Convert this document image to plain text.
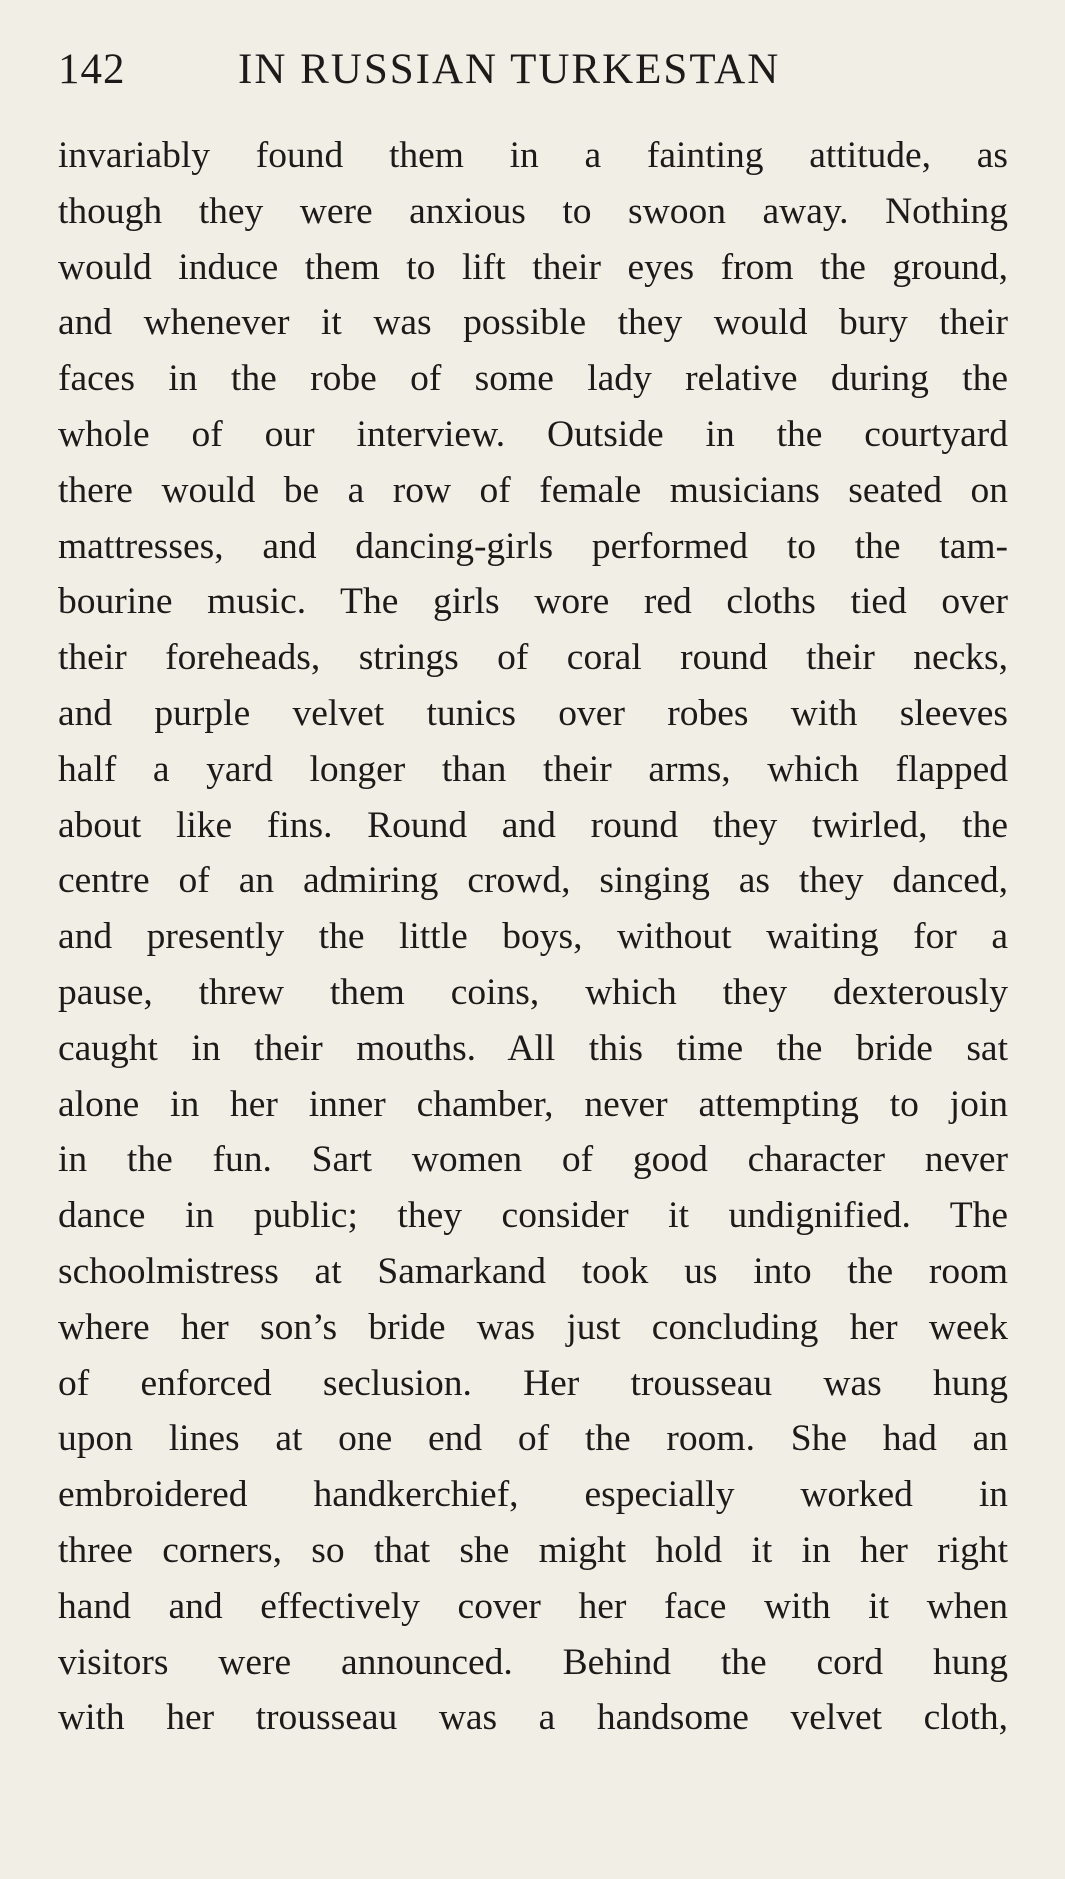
142	IN RUSSIAN TURKESTAN
invariably found them in a fainting attitude, as
though they were anxious to swoon away. Nothing
would induce them to lift their eyes from the ground,
and whenever it was possible they would bury their
faces in the robe of some lady relative during the
whole of our interview. Outside in the courtyard
there would be a row of female musicians seated on
mattresses, and dancing-girls performed to the tam-
bourine music. The girls wore red cloths tied over
their foreheads, strings of coral round their necks,
and purple velvet tunics over robes with sleeves
half a yard longer than their arms, which flapped
about like fins. Round and round they twirled, the
centre of an admiring crowd, singing as they danced,
and presently the little boys, without waiting for a
pause, threw them coins, which they dexterously
caught in their mouths. All this time the bride sat
alone in her inner chamber, never attempting to join
in the fun. Sart women of good character never
dance in public; they consider it undignified. The
schoolmistress at Samarkand took us into the room
where her son’s bride was just concluding her week
of enforced seclusion. Her trousseau was hung
upon lines at one end of the room. She had an
embroidered handkerchief, especially worked in
three corners, so that she might hold it in her right
hand and effectively cover her face with it when
visitors were announced. Behind the cord hung
with her trousseau was a handsome velvet cloth,
